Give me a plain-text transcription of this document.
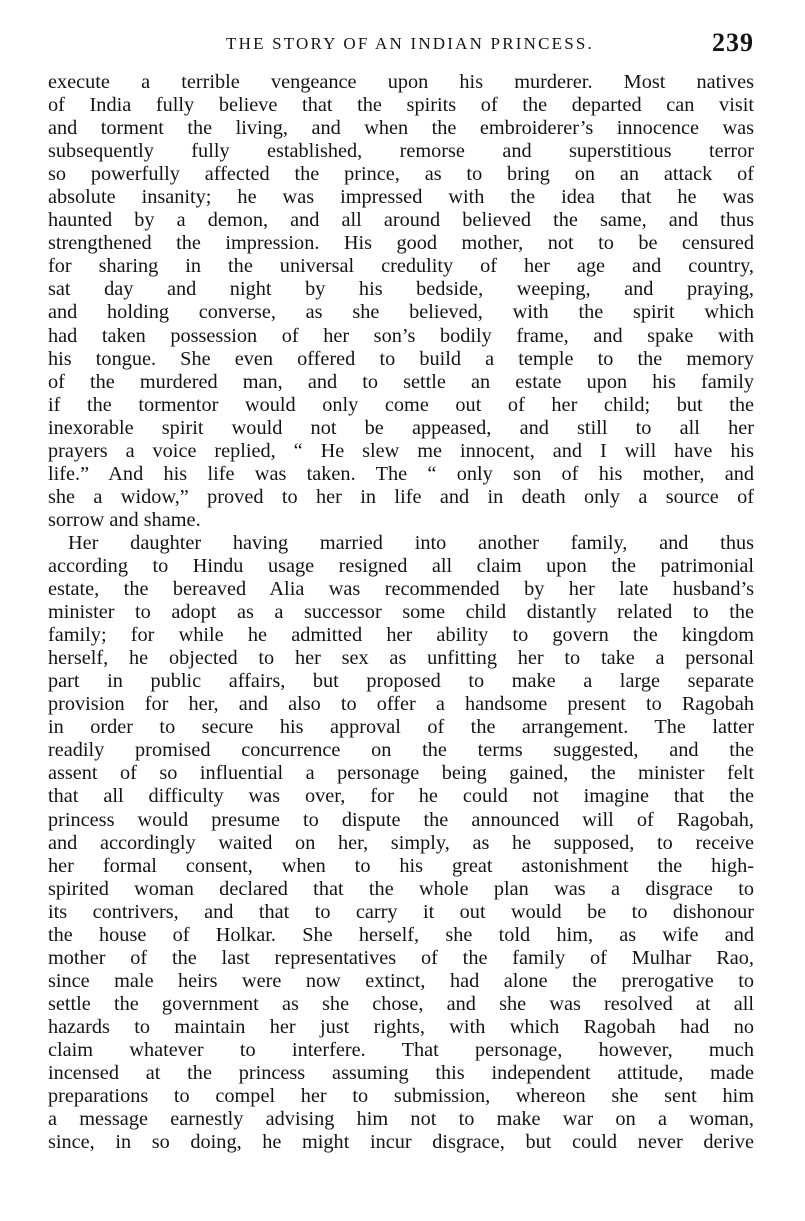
THE STORY OF AN INDIAN PRINCESS.	239
execute a terrible vengeance upon his murderer. Most natives
of India fully believe that the spirits of the departed can visit
and torment the living, and when the embroiderer’s innocence was
subsequently fully established, remorse and superstitious terror
so powerfully affected the prince, as to bring on an attack of
absolute insanity; he was impressed with the idea that he was
haunted by a demon, and all around believed the same, and thus
strengthened the impression. His good mother, not to be censured
for sharing in the universal credulity of her age and country,
sat day and night by his bedside, weeping, and praying,
and holding converse, as she believed, with the spirit which
had taken possession of her son’s bodily frame, and spake with
his tongue. She even offered to build a temple to the memory
of the murdered man, and to settle an estate upon his family
if the tormentor would only come out of her child; but the
inexorable spirit would not be appeased, and still to all her
prayers a voice replied, “ He slew me innocent, and I will have his
life.” And his life was taken. The “ only son of his mother, and
she a widow,” proved to her in life and in death only a source of
sorrow and shame.
Her daughter having married into another family, and thus
according to Hindu usage resigned all claim upon the patrimonial
estate, the bereaved Alia was recommended by her late husband’s
minister to adopt as a successor some child distantly related to the
family; for while he admitted her ability to govern the kingdom
herself, he objected to her sex as unfitting her to take a personal
part in public affairs, but proposed to make a large separate
provision for her, and also to offer a handsome present to Ragobah
in order to secure his approval of the arrangement. The latter
readily promised concurrence on the terms suggested, and the
assent of so influential a personage being gained, the minister felt
that all difficulty was over, for he could not imagine that the
princess would presume to dispute the announced will of Ragobah,
and accordingly waited on her, simply, as he supposed, to receive
her formal consent, when to his great astonishment the high-
spirited woman declared that the whole plan was a disgrace to
its contrivers, and that to carry it out would be to dishonour
the house of Holkar. She herself, she told him, as wife and
mother of the last representatives of the family of Mulhar Rao,
since male heirs were now extinct, had alone the prerogative to
settle the government as she chose, and she was resolved at all
hazards to maintain her just rights, with which Ragobah had no
claim whatever to interfere. That personage, however, much
incensed at the princess assuming this independent attitude, made
preparations to compel her to submission, whereon she sent him
a message earnestly advising him not to make war on a woman,
since, in so doing, he might incur disgrace, but could never derive
